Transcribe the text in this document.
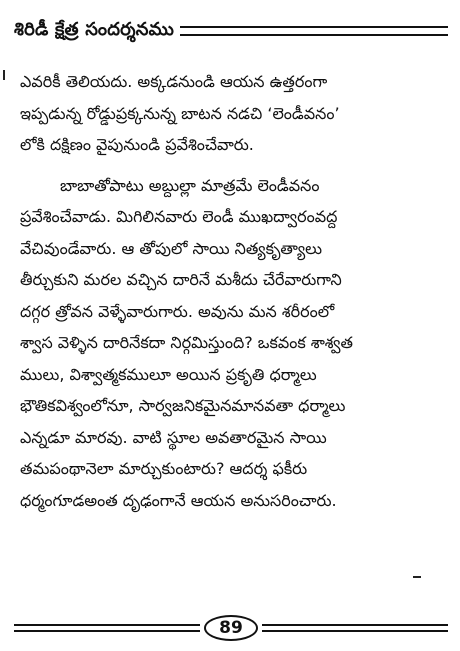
శిరిడీ క్షేత్ర సందర్శనము

ఎవరికీ తెలియదు. అక్కడనుండి ఆయన ఉత్తరంగా

ఇప్పడున్న రోడ్డుప్రక్కనున్న బాటన నడచి ‘లెండీవనం’

లోకి దక్షిణం వైపునుండి ప్రవేశించేవారు.

బాబాతోపాటు అబ్దుల్లా మాత్రమే లెండీవనం

ప్రవేశించేవాడు. మిగిలినవారు లెండీ ముఖద్వారంవద్ద

వేచివుండేవారు. ఆ తోపులో సాయి నిత్యకృత్యాలు

తీర్చుకుని మరల వచ్చిన దారినే మశీదు చేరేవారుగాని

దగ్గర త్రోవన వెళ్ళేవారుగారు. అవును మన శరీరంలో

శ్వాస వెళ్ళిన దారినేకదా నిర్గమిస్తుంది? ఒకవంక శాశ్వత

ములు, విశ్వాత్మకములూ అయిన ప్రకృతి ధర్మాలు

భౌతికవిశ్వంలోనూ, సార్వజనికమైనమానవతా ధర్మాలు

ఎన్నడూ మారవు. వాటి స్థూల అవతారమైన సాయి

తమపంథానెలా మార్చుకుంటారు? ఆదర్శ ఫకీరు

ధర్మంగూడఅంత దృఢంగానే ఆయన అనుసరించారు.

89
